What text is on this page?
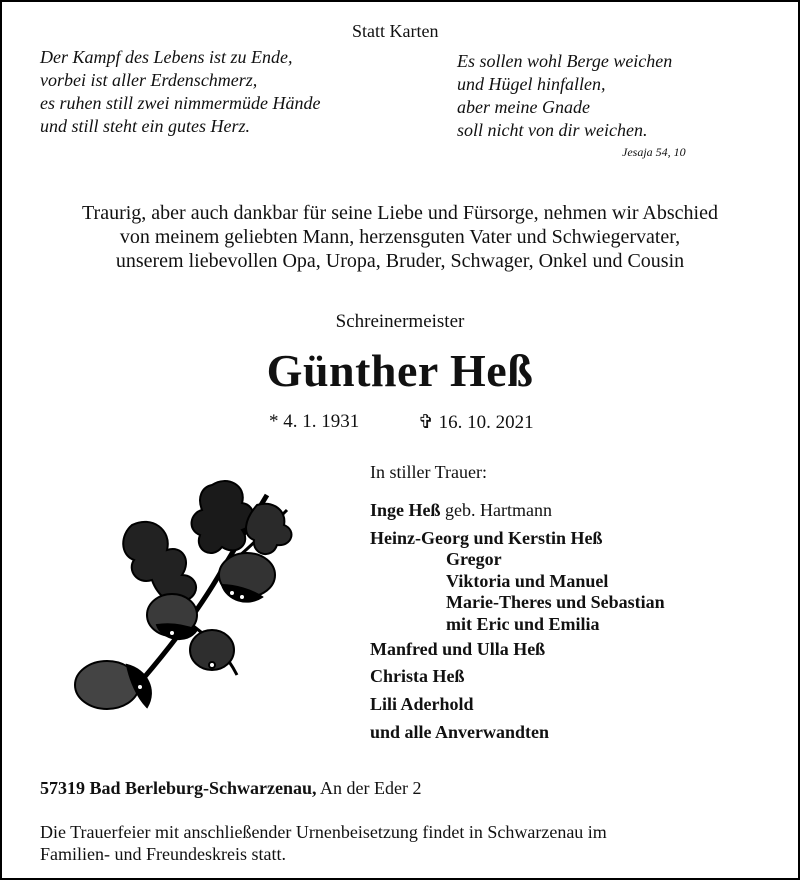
Statt Karten
Der Kampf des Lebens ist zu Ende,
vorbei ist aller Erdenschmerz,
es ruhen still zwei nimmermüde Hände
und still steht ein gutes Herz.
Es sollen wohl Berge weichen
und Hügel hinfallen,
aber meine Gnade
soll nicht von dir weichen.
Jesaja 54, 10
Traurig, aber auch dankbar für seine Liebe und Fürsorge, nehmen wir Abschied
von meinem geliebten Mann, herzensguten Vater und Schwiegervater,
unserem liebevollen Opa, Uropa, Bruder, Schwager, Onkel und Cousin
Schreinermeister
Günther Heß
* 4. 1. 1931	✞ 16. 10. 2021
In stiller Trauer:
Inge Heß geb. Hartmann
Heinz-Georg und Kerstin Heß
Gregor
Viktoria und Manuel
Marie-Theres und Sebastian
mit Eric und Emilia
Manfred und Ulla Heß
Christa Heß
Lili Aderhold
und alle Anverwandten
57319 Bad Berleburg-Schwarzenau, An der Eder 2
Die Trauerfeier mit anschließender Urnenbeisetzung findet in Schwarzenau im
Familien- und Freundeskreis statt.
